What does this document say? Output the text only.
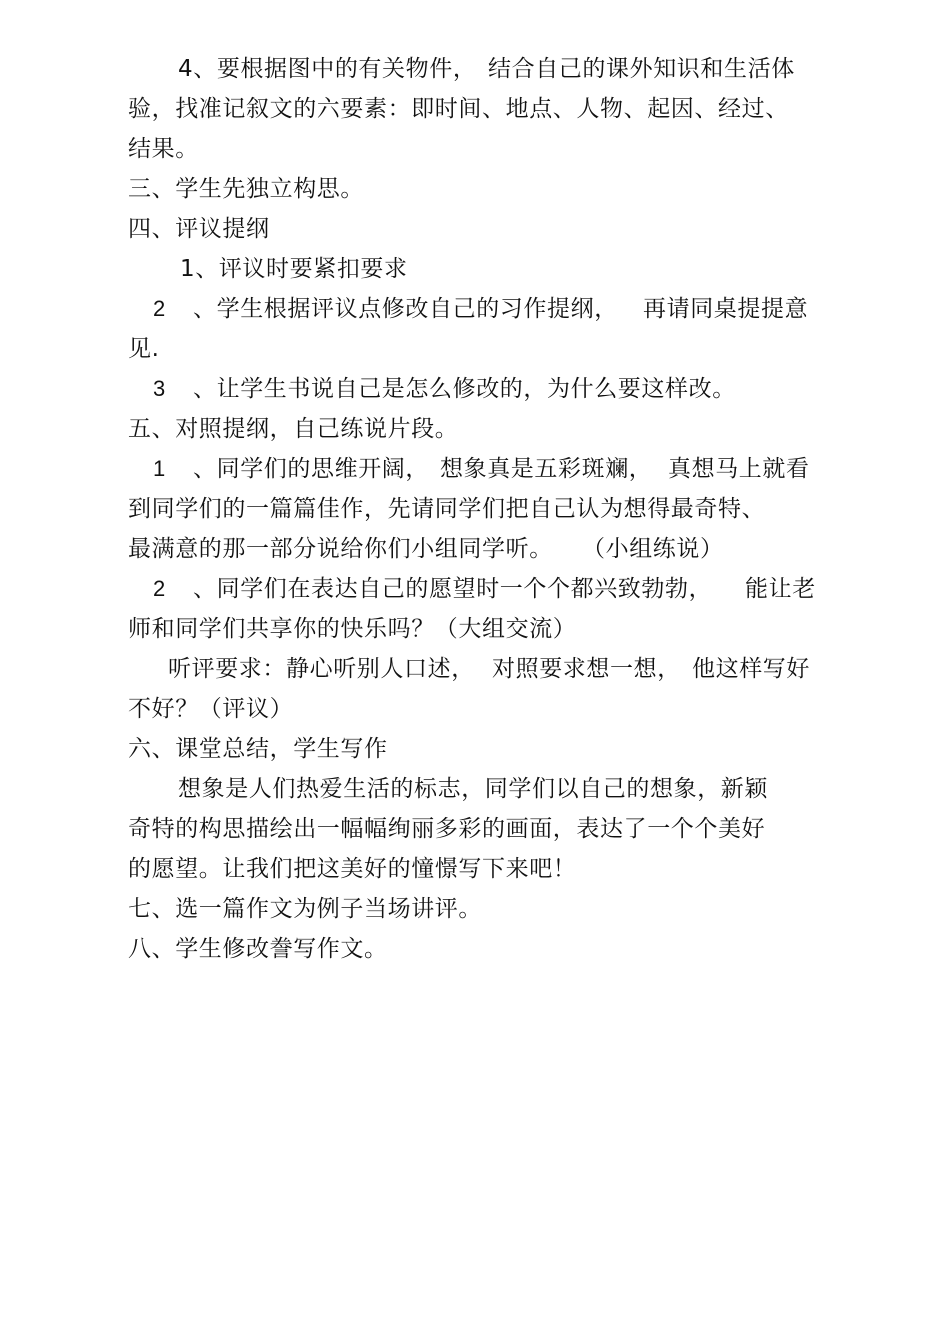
4、要根据图中的有关物件， 结合自己的课外知识和生活体
验，找准记叙文的六要素：即时间、地点、人物、起因、经过、
结果。
三、学生先独立构思。
四、评议提纲
1、评议时要紧扣要求
2 、学生根据评议点修改自己的习作提纲， 再请同桌提提意
见.
3 、让学生书说自己是怎么修改的，为什么要这样改。
五、对照提纲，自己练说片段。
1 、同学们的思维开阔， 想象真是五彩斑斓， 真想马上就看
到同学们的一篇篇佳作，先请同学们把自己认为想得最奇特、
最满意的那一部分说给你们小组同学听。 （小组练说）
2 、同学们在表达自己的愿望时一个个都兴致勃勃， 能让老
师和同学们共享你的快乐吗？（大组交流）
听评要求：静心听别人口述， 对照要求想一想， 他这样写好
不好？（评议）
六、课堂总结，学生写作
想象是人们热爱生活的标志，同学们以自己的想象，新颖
奇特的构思描绘出一幅幅绚丽多彩的画面，表达了一个个美好
的愿望。让我们把这美好的憧憬写下来吧！
七、选一篇作文为例子当场讲评。
八、学生修改誊写作文。
